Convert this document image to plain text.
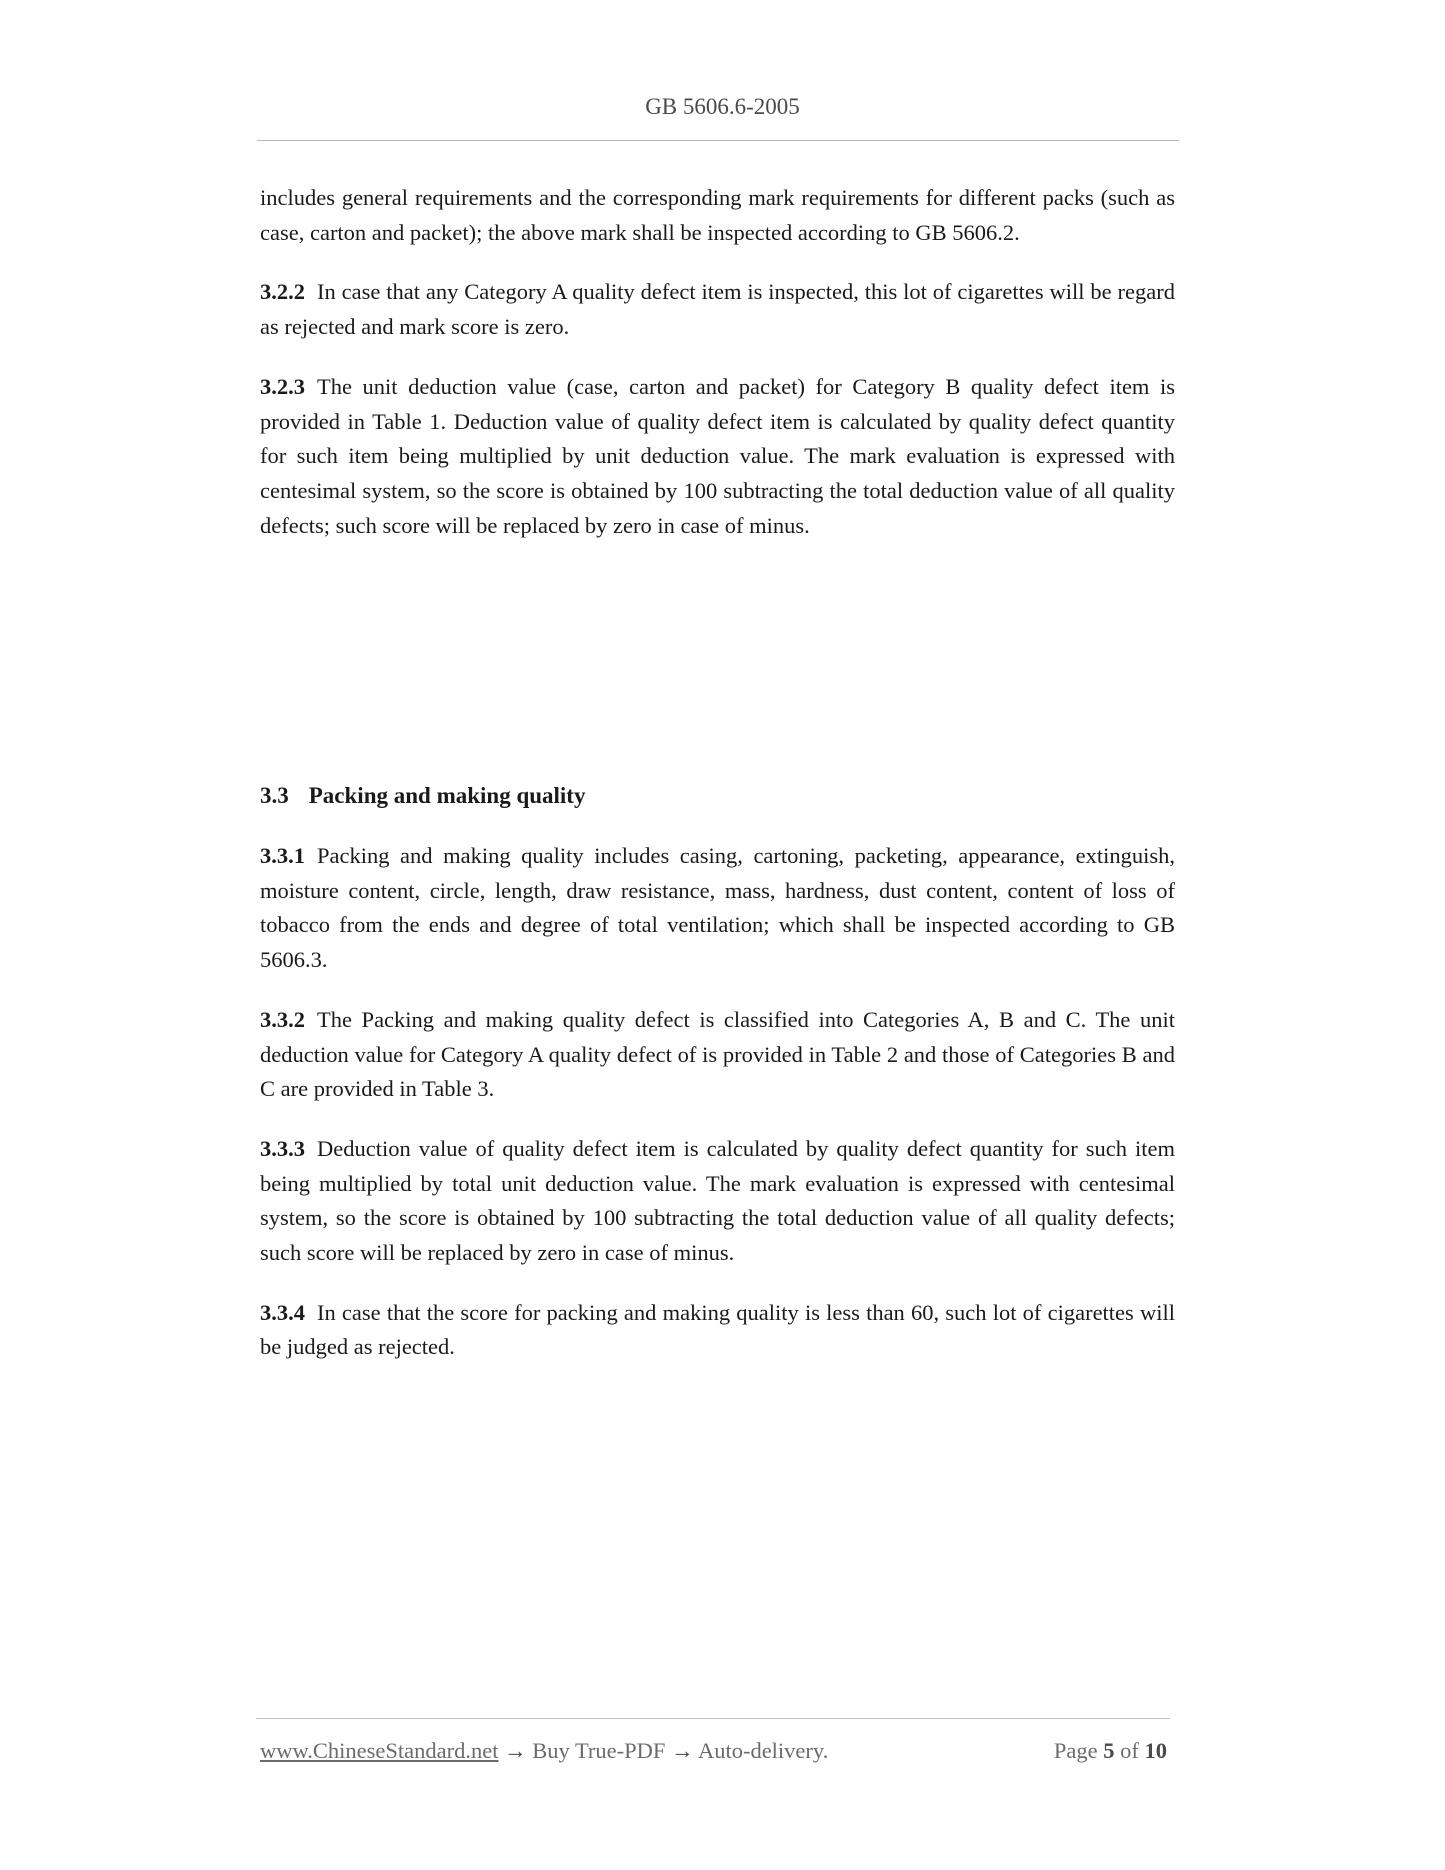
GB 5606.6-2005

includes general requirements and the corresponding mark requirements for different packs (such as case, carton and packet); the above mark shall be inspected according to GB 5606.2.

3.2.2 In case that any Category A quality defect item is inspected, this lot of cigarettes will be regard as rejected and mark score is zero.

3.2.3 The unit deduction value (case, carton and packet) for Category B quality defect item is provided in Table 1. Deduction value of quality defect item is calculated by quality defect quantity for such item being multiplied by unit deduction value. The mark evaluation is expressed with centesimal system, so the score is obtained by 100 subtracting the total deduction value of all quality defects; such score will be replaced by zero in case of minus.

3.3 Packing and making quality

3.3.1 Packing and making quality includes casing, cartoning, packeting, appearance, extinguish, moisture content, circle, length, draw resistance, mass, hardness, dust content, content of loss of tobacco from the ends and degree of total ventilation; which shall be inspected according to GB 5606.3.

3.3.2 The Packing and making quality defect is classified into Categories A, B and C. The unit deduction value for Category A quality defect of is provided in Table 2 and those of Categories B and C are provided in Table 3.

3.3.3 Deduction value of quality defect item is calculated by quality defect quantity for such item being multiplied by total unit deduction value. The mark evaluation is expressed with centesimal system, so the score is obtained by 100 subtracting the total deduction value of all quality defects; such score will be replaced by zero in case of minus.

3.3.4 In case that the score for packing and making quality is less than 60, such lot of cigarettes will be judged as rejected.

www.ChineseStandard.net → Buy True-PDF → Auto-delivery.	Page 5 of 10
